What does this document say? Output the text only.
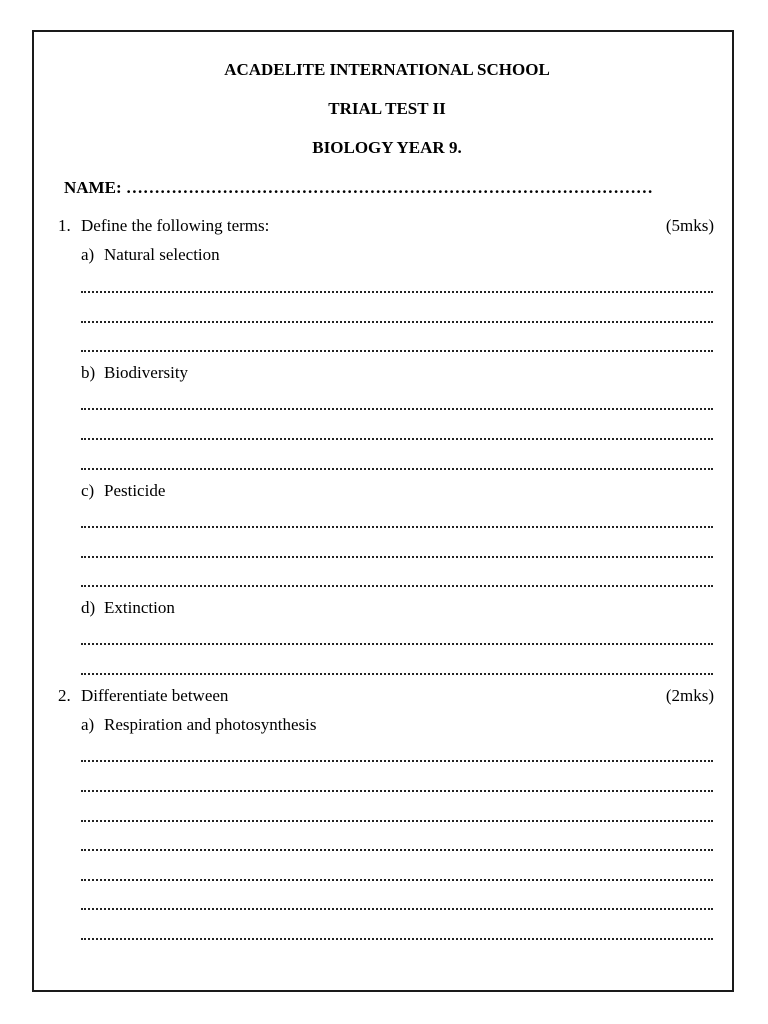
ACADELITE INTERNATIONAL SCHOOL
TRIAL TEST II
BIOLOGY YEAR 9.
NAME: …………………………………………………………………………………
1. Define the following terms:	(5mks)
a) Natural selection
b) Biodiversity
c) Pesticide
d) Extinction
2. Differentiate between	(2mks)
a) Respiration and photosynthesis
